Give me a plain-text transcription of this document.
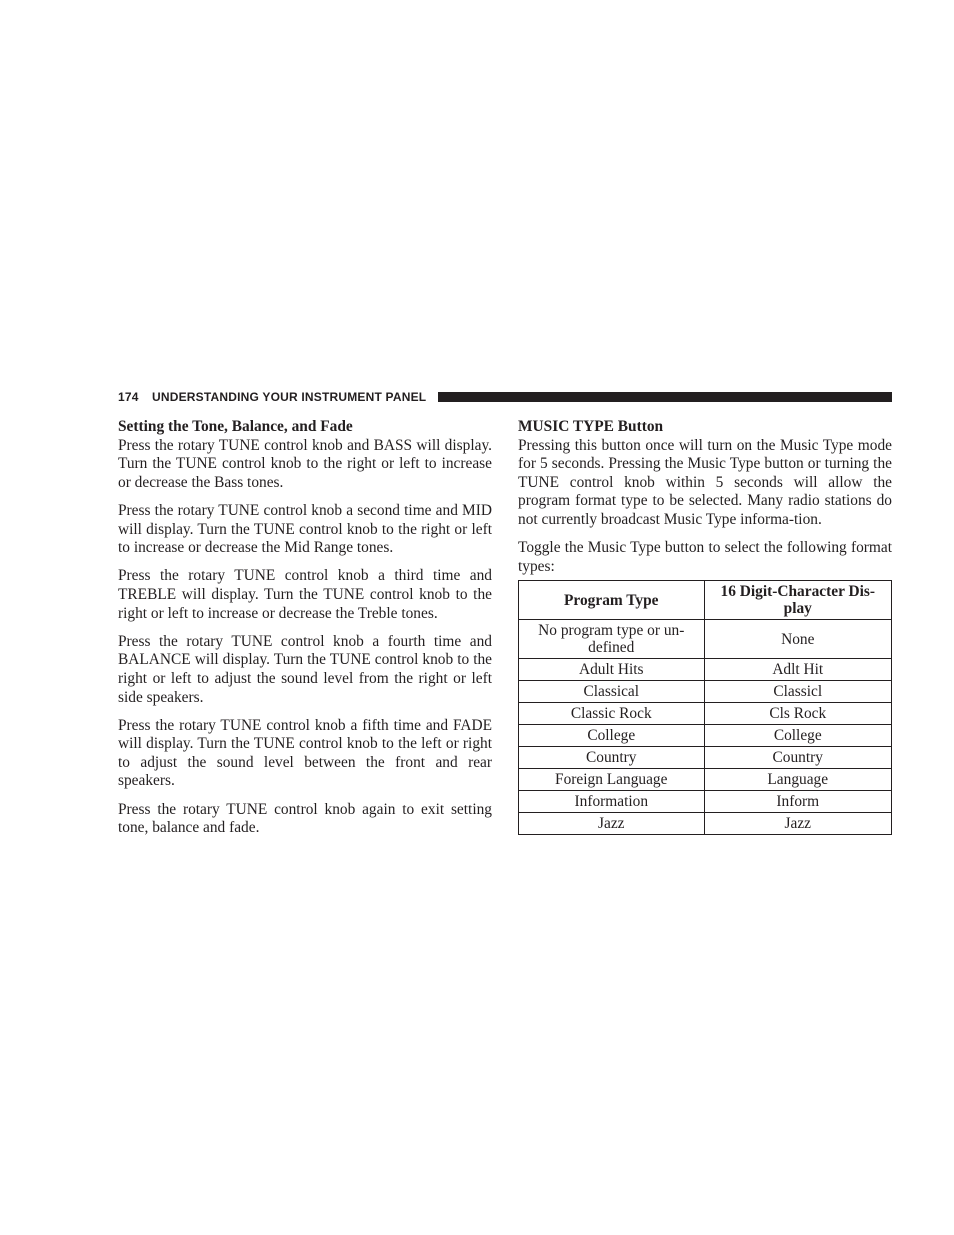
174 UNDERSTANDING YOUR INSTRUMENT PANEL

Setting the Tone, Balance, and Fade

Press the rotary TUNE control knob and BASS will display. Turn the TUNE control knob to the right or left to increase or decrease the Bass tones.

Press the rotary TUNE control knob a second time and MID will display. Turn the TUNE control knob to the right or left to increase or decrease the Mid Range tones.

Press the rotary TUNE control knob a third time and TREBLE will display. Turn the TUNE control knob to the right or left to increase or decrease the Treble tones.

Press the rotary TUNE control knob a fourth time and BALANCE will display. Turn the TUNE control knob to the right or left to adjust the sound level from the right or left side speakers.

Press the rotary TUNE control knob a fifth time and FADE will display. Turn the TUNE control knob to the left or right to adjust the sound level between the front and rear speakers.

Press the rotary TUNE control knob again to exit setting tone, balance and fade.

MUSIC TYPE Button

Pressing this button once will turn on the Music Type mode for 5 seconds. Pressing the Music Type button or turning the TUNE control knob within 5 seconds will allow the program format type to be selected. Many radio stations do not currently broadcast Music Type informa-tion.

Toggle the Music Type button to select the following format types:

Program Type	16 Digit-Character Dis-play
No program type or un-defined	None
Adult Hits	Adlt Hit
Classical	Classicl
Classic Rock	Cls Rock
College	College
Country	Country
Foreign Language	Language
Information	Inform
Jazz	Jazz
